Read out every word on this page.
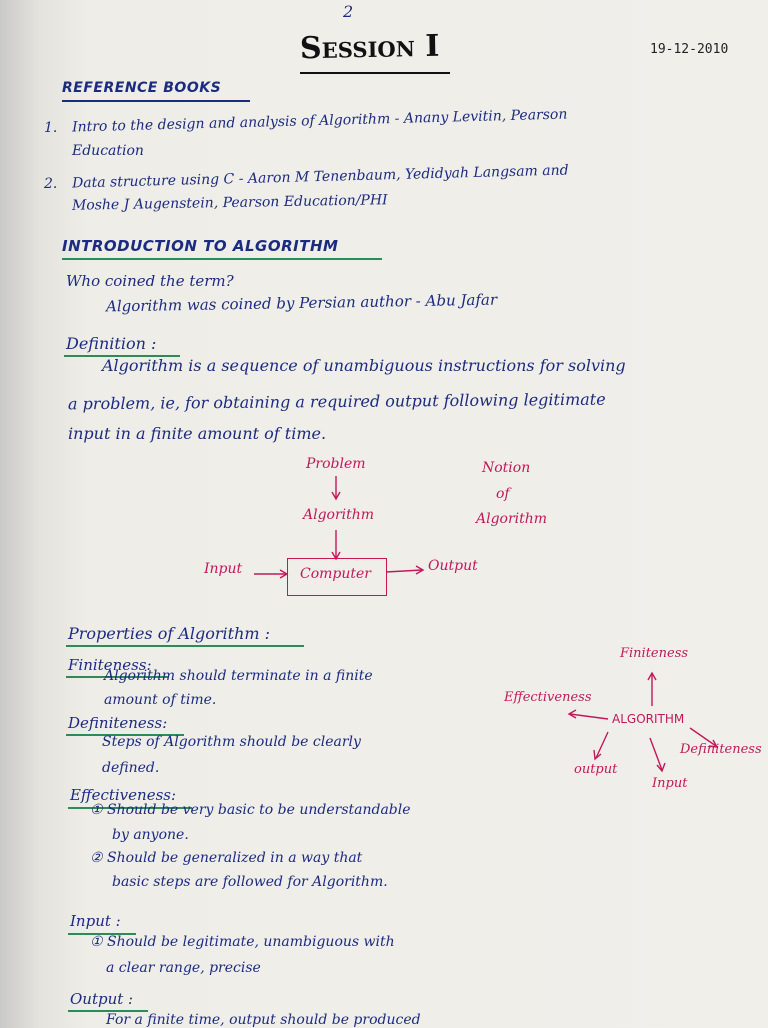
2
Session I	19-12-2010
REFERENCE BOOKS
1. Intro to the design and analysis of Algorithm - Anany Levitin, Pearson
Education
2. Data structure using C - Aaron M Tenenbaum, Yedidyah Langsam and
Moshe J Augenstein, Pearson Education/PHI
INTRODUCTION TO ALGORITHM
Who coined the term?
Algorithm was coined by Persian author - Abu Jafar
Definition :
Algorithm is a sequence of unambiguous instructions for solving
a problem, ie, for obtaining a required output following legitimate
input in a finite amount of time.
Problem
Algorithm
Computer
Input	Output
Notion
of
Algorithm
Properties of Algorithm :
Finiteness:
Algorithm should terminate in a finite
amount of time.
Definiteness:
Steps of Algorithm should be clearly
defined.
Effectiveness:
① Should be very basic to be understandable
by anyone.
② Should be generalized in a way that
basic steps are followed for Algorithm.
Input :
① Should be legitimate, unambiguous with
a clear range, precise
Output :
For a finite time, output should be produced
ALGORITHM
Finiteness
Effectiveness
Definiteness
output
Input
